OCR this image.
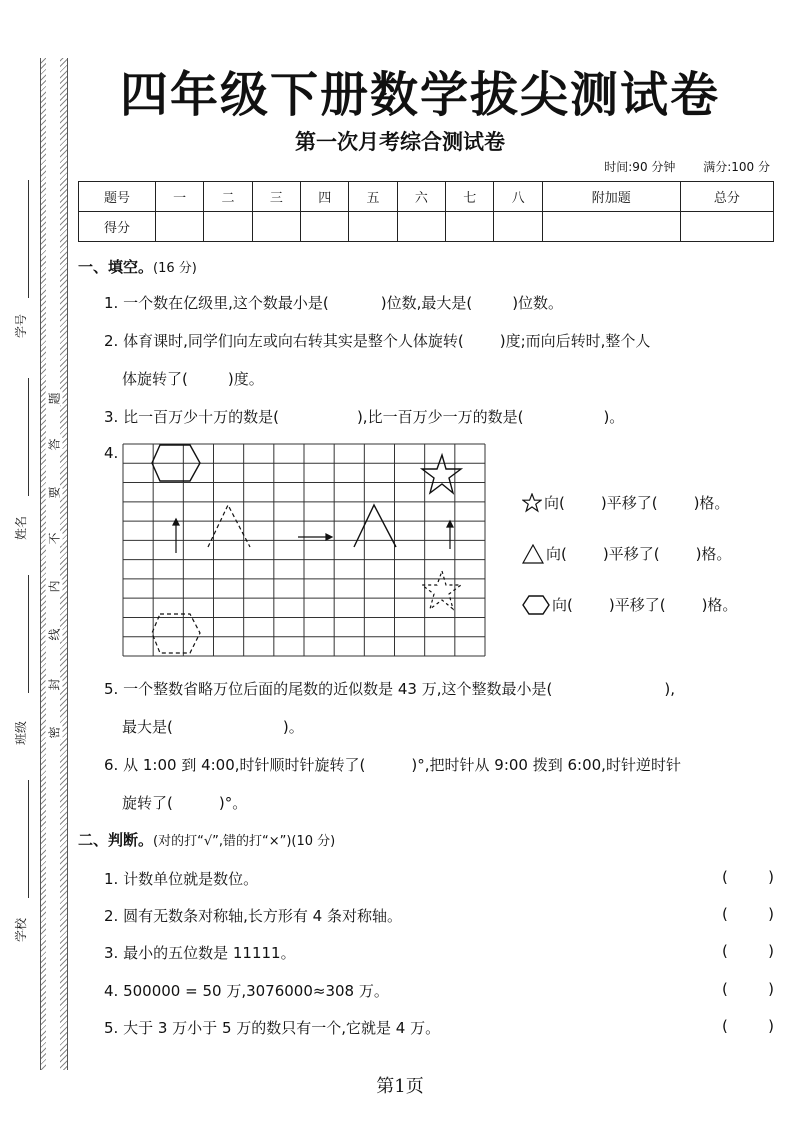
学号
姓名
班级
学校
题
答
要
不
内
线
封
密
四年级下册数学拔尖测试卷
第一次月考综合测试卷
时间:90 分钟 满分:100 分
题号	一	二	三	四	五	六	七	八	附加题	总分
得分										
一、填空。(16 分)
1. 一个数在亿级里,这个数最小是(	)位数,最大是(	)位数。
2. 体育课时,同学们向左或向右转其实是整个人体旋转( )度;而向后转时,整个人
体旋转了(	)度。
3. 比一百万少十万的数是(	),比一百万少一万的数是(	)。
4.
向( )平移了( )格。
向( )平移了( )格。
向( )平移了( )格。
5. 一个整数省略万位后面的尾数的近似数是 43 万,这个整数最小是(	),
最大是(	)。
6. 从 1:00 到 4:00,时针顺时针旋转了(	)°,把时针从 9:00 拨到 6:00,时针逆时针
旋转了(	)°。
二、判断。(对的打“√”,错的打“×”)(10 分)
1. 计数单位就是数位。	(	)
2. 圆有无数条对称轴,长方形有 4 条对称轴。	(	)
3. 最小的五位数是 11111。	(	)
4. 500000 = 50 万,3076000≈308 万。	(	)
5. 大于 3 万小于 5 万的数只有一个,它就是 4 万。	(	)
第1页
